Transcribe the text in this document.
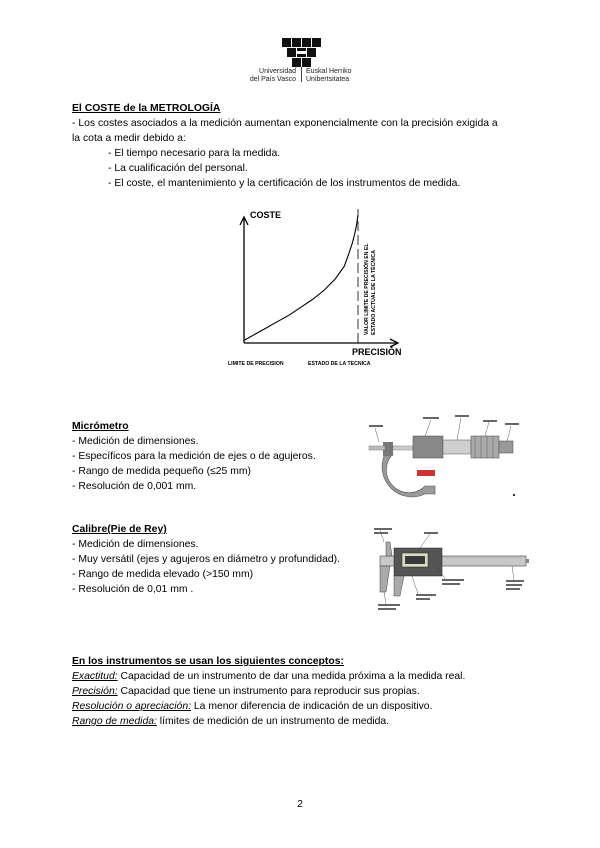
Universidad
del País Vasco
Euskal Herriko
Unibertsitatea
El COSTE de la METROLOGÍA
- Los costes asociados a la medición aumentan exponencialmente con la precisión exigida a
la cota a medir debido a:
- El tiempo necesario para la medida.
- La cualificación del personal.
- El coste, el mantenimiento y la certificación de los instrumentos de medida.
COSTE
PRECISIÓN
LIMITE DE PRECISION	ESTADO DE LA TECNICA
VALOR LIMITE DE PRECISIÓN EN EL ESTADO ACTUAL DE LA TÉCNICA
Micrómetro
- Medición de dimensiones.
- Específicos para la medición de ejes o de agujeros.
- Rango de medida pequeño (≤25 mm)
- Resolución de 0,001 mm.
Calibre(Pie de Rey)
- Medición de dimensiones.
- Muy versátil (ejes y agujeros en diámetro y profundidad).
- Rango de medida elevado (>150 mm)
- Resolución de 0,01 mm .
En los instrumentos se usan los siguientes conceptos:
Exactitud: Capacidad de un instrumento de dar una medida próxima a la medida real.
Precisión: Capacidad que tiene un instrumento para reproducir sus propias.
Resolución o apreciación: La menor diferencia de indicación de un dispositivo.
Rango de medida: límites de medición de un instrumento de medida.
2
